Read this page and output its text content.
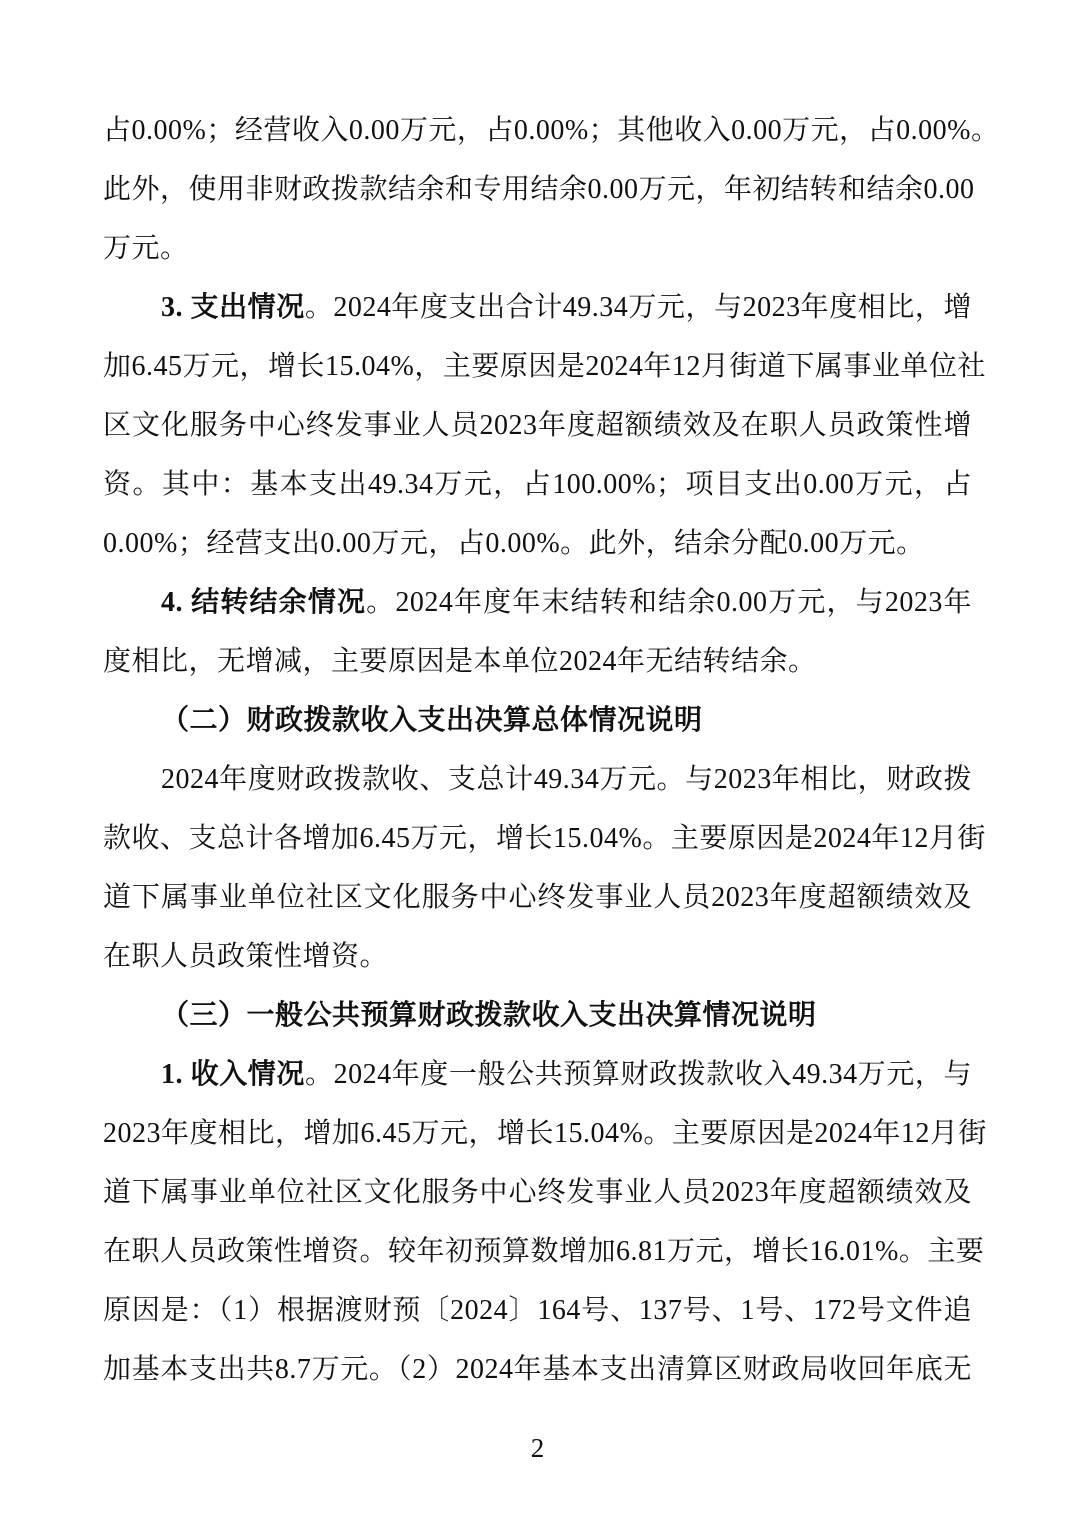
占0.00%；经营收入0.00万元，占0.00%；其他收入0.00万元，占0.00%。
此外，使用非财政拨款结余和专用结余0.00万元，年初结转和结余0.00
万元。
3. 支出情况。2024年度支出合计49.34万元，与2023年度相比，增
加6.45万元，增长15.04%，主要原因是2024年12月街道下属事业单位社
区文化服务中心终发事业人员2023年度超额绩效及在职人员政策性增
资。其中：基本支出49.34万元，占100.00%；项目支出0.00万元，占
0.00%；经营支出0.00万元，占0.00%。此外，结余分配0.00万元。
4. 结转结余情况。2024年度年末结转和结余0.00万元，与2023年
度相比，无增减，主要原因是本单位2024年无结转结余。
（二）财政拨款收入支出决算总体情况说明
2024年度财政拨款收、支总计49.34万元。与2023年相比，财政拨
款收、支总计各增加6.45万元，增长15.04%。主要原因是2024年12月街
道下属事业单位社区文化服务中心终发事业人员2023年度超额绩效及
在职人员政策性增资。
（三）一般公共预算财政拨款收入支出决算情况说明
1. 收入情况。2024年度一般公共预算财政拨款收入49.34万元，与
2023年度相比，增加6.45万元，增长15.04%。主要原因是2024年12月街
道下属事业单位社区文化服务中心终发事业人员2023年度超额绩效及
在职人员政策性增资。较年初预算数增加6.81万元，增长16.01%。主要
原因是：（1）根据渡财预〔2024〕164号、137号、1号、172号文件追
加基本支出共8.7万元。（2）2024年基本支出清算区财政局收回年底无
2
